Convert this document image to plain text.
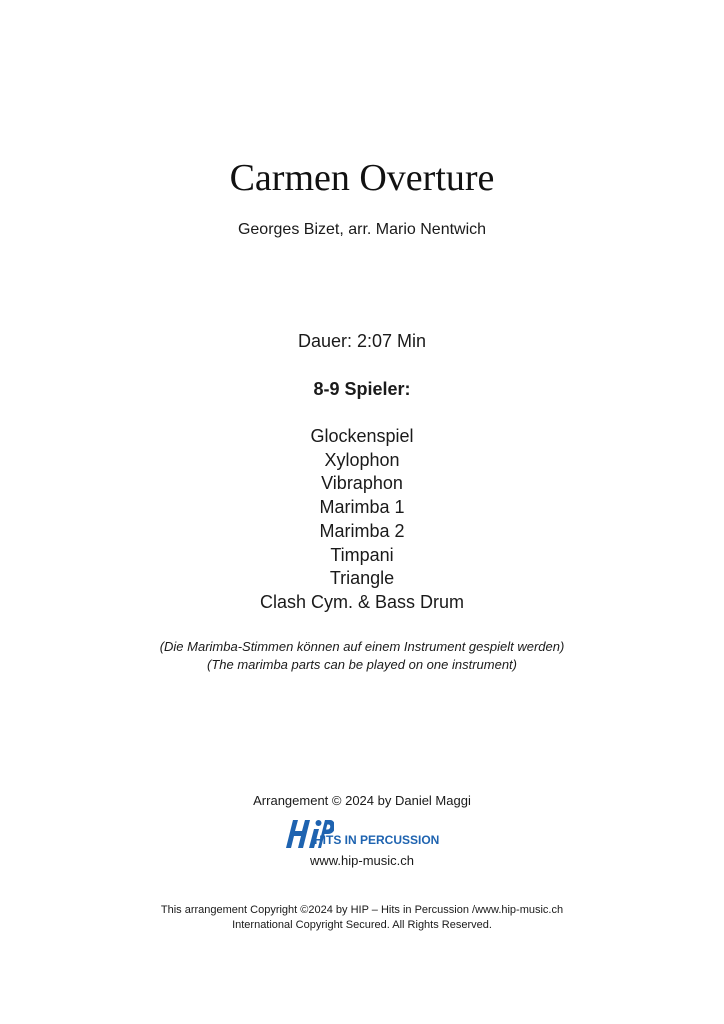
Carmen Overture
Georges Bizet, arr. Mario Nentwich
Dauer: 2:07 Min
8-9 Spieler:
Glockenspiel
Xylophon
Vibraphon
Marimba 1
Marimba 2
Timpani
Triangle
Clash Cym. & Bass Drum
(Die Marimba-Stimmen können auf einem Instrument gespielt werden)
(The marimba parts can be played on one instrument)
Arrangement © 2024 by Daniel Maggi
HITS IN PERCUSSION
www.hip-music.ch
This arrangement Copyright ©2024 by HIP – Hits in Percussion /www.hip-music.ch
International Copyright Secured. All Rights Reserved.
